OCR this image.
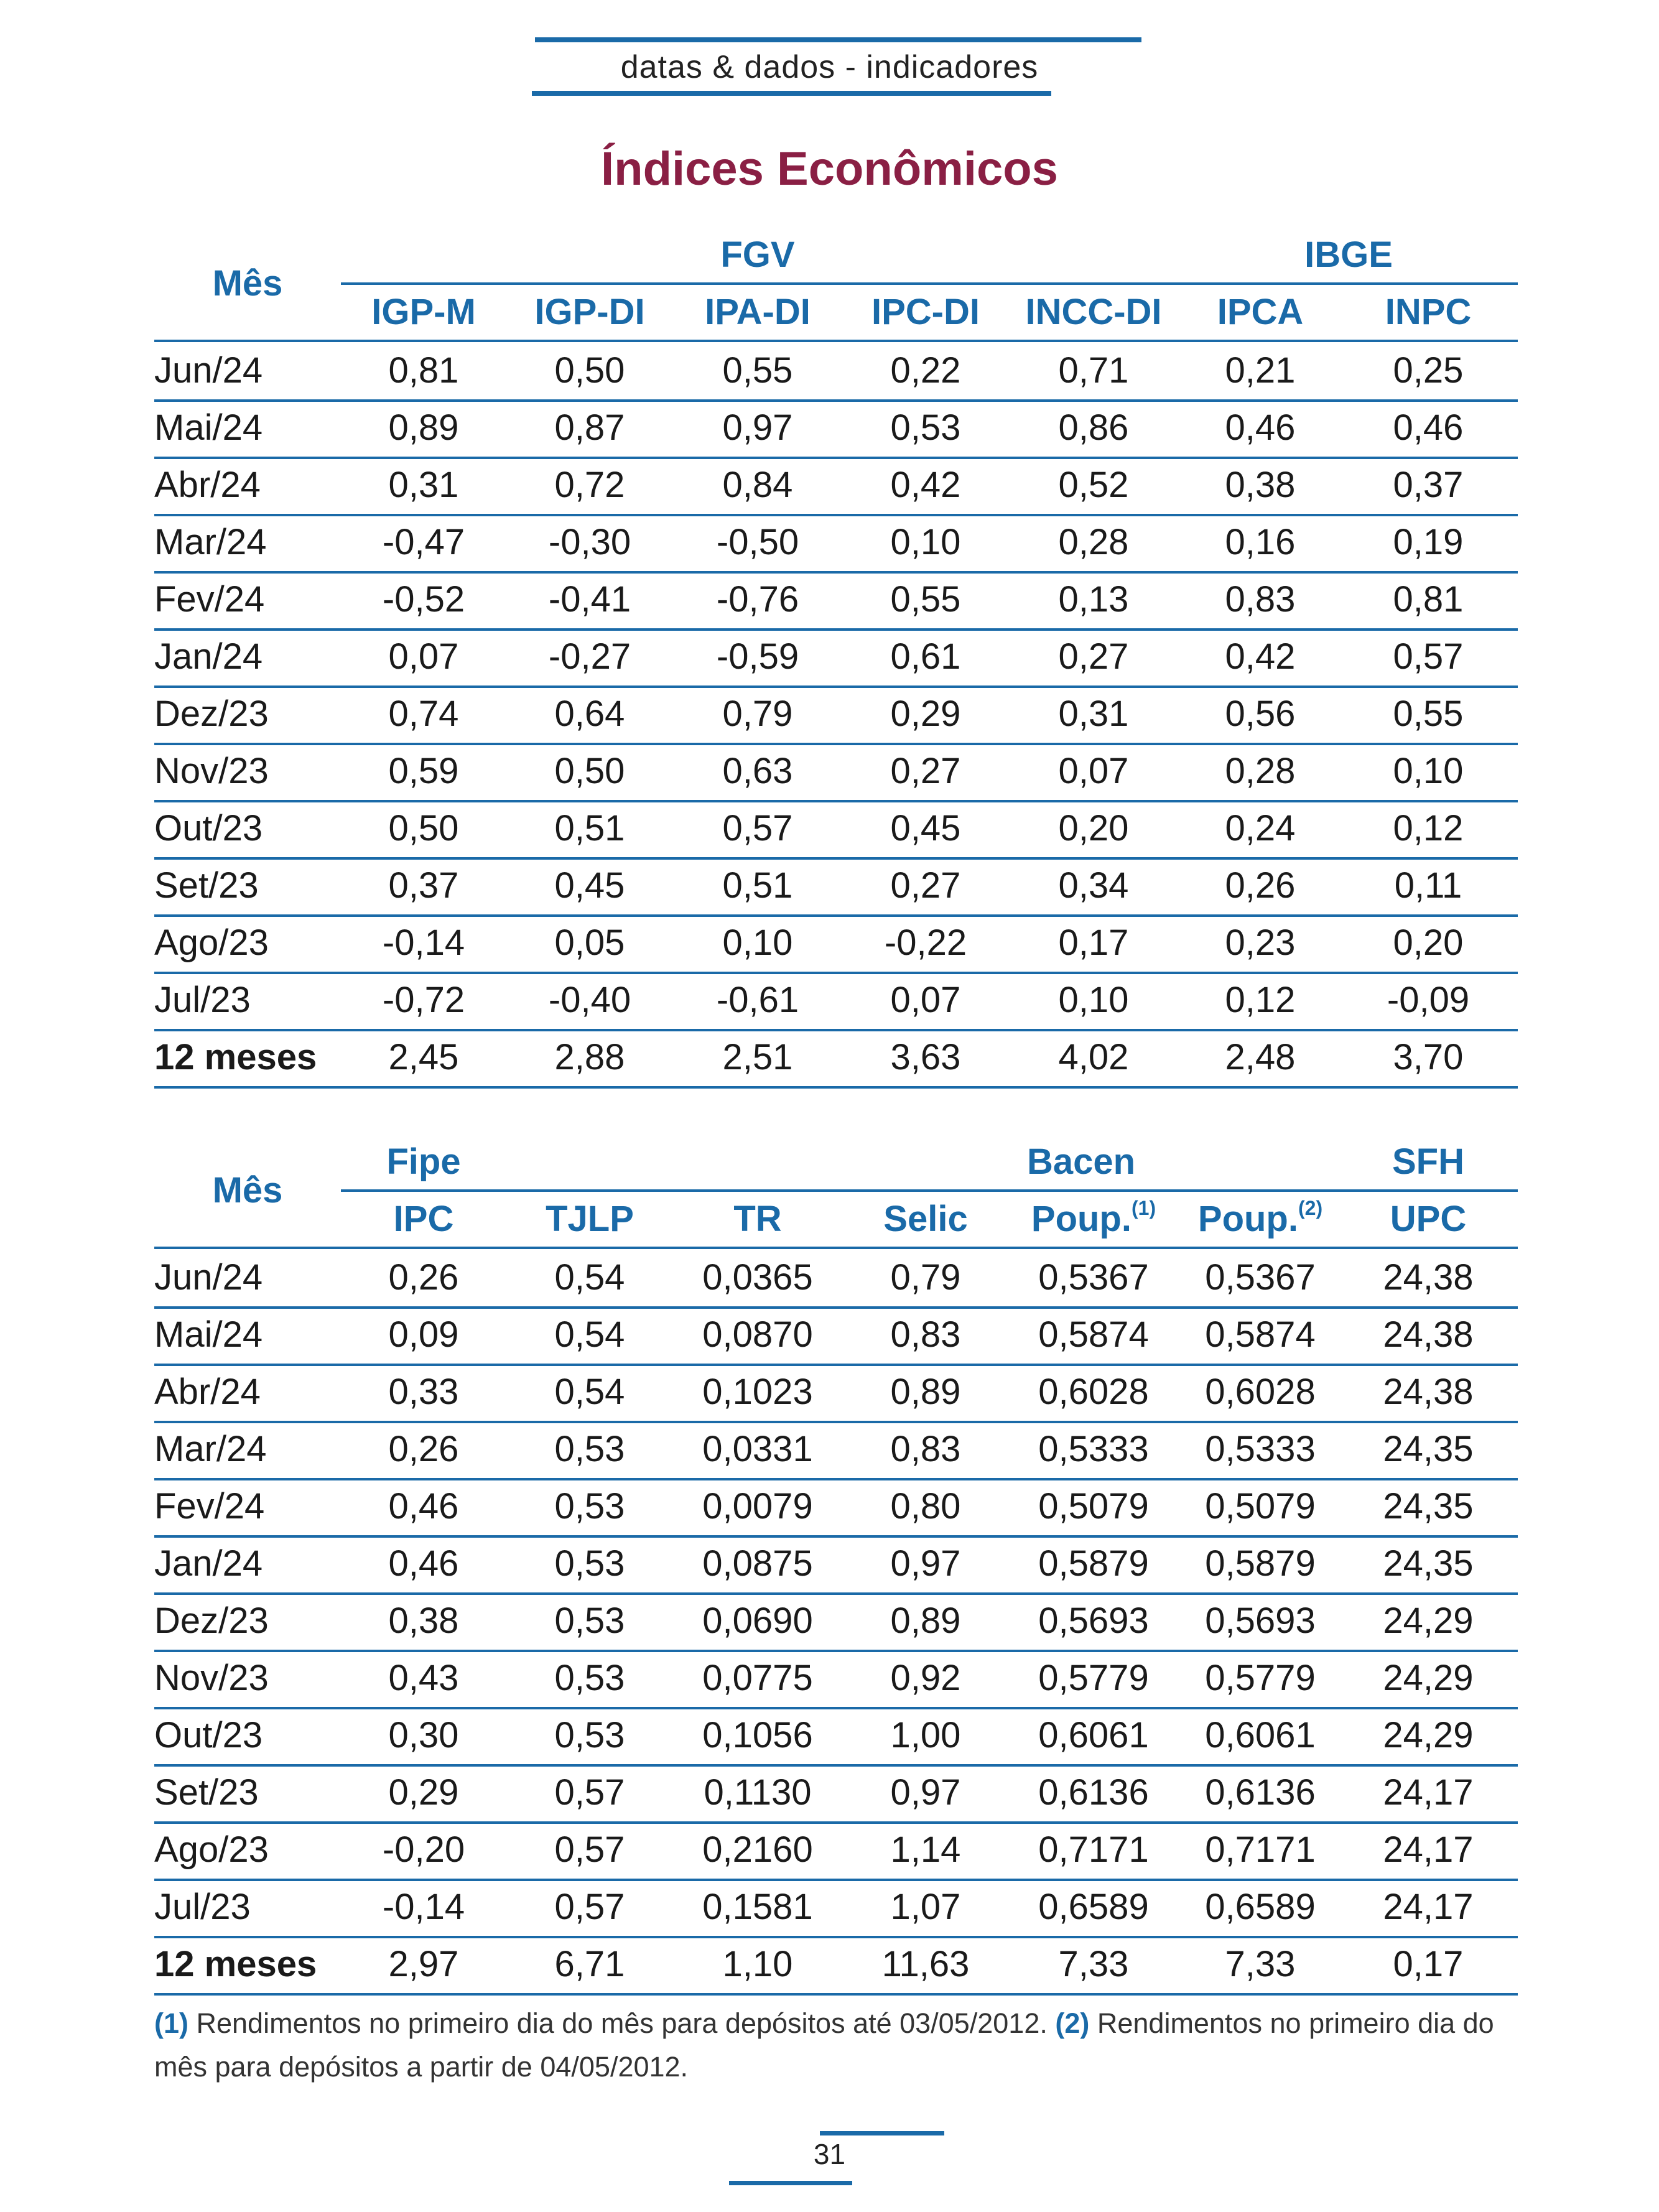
datas & dados - indicadores
Índices Econômicos
Mês
FGV	IBGE
IGP-M	IGP-DI	IPA-DI	IPC-DI	INCC-DI	IPCA	INPC
Jun/24	0,81	0,50	0,55	0,22	0,71	0,21	0,25
Mai/24	0,89	0,87	0,97	0,53	0,86	0,46	0,46
Abr/24	0,31	0,72	0,84	0,42	0,52	0,38	0,37
Mar/24	-0,47	-0,30	-0,50	0,10	0,28	0,16	0,19
Fev/24	-0,52	-0,41	-0,76	0,55	0,13	0,83	0,81
Jan/24	0,07	-0,27	-0,59	0,61	0,27	0,42	0,57
Dez/23	0,74	0,64	0,79	0,29	0,31	0,56	0,55
Nov/23	0,59	0,50	0,63	0,27	0,07	0,28	0,10
Out/23	0,50	0,51	0,57	0,45	0,20	0,24	0,12
Set/23	0,37	0,45	0,51	0,27	0,34	0,26	0,11
Ago/23	-0,14	0,05	0,10	-0,22	0,17	0,23	0,20
Jul/23	-0,72	-0,40	-0,61	0,07	0,10	0,12	-0,09
12 meses	2,45	2,88	2,51	3,63	4,02	2,48	3,70
Mês
Fipe	Bacen	SFH
IPC	TJLP	TR	Selic	Poup.$^{(1)}$	Poup.$^{(2)}$	UPC
Jun/24	0,26	0,54	0,0365	0,79	0,5367	0,5367	24,38
Mai/24	0,09	0,54	0,0870	0,83	0,5874	0,5874	24,38
Abr/24	0,33	0,54	0,1023	0,89	0,6028	0,6028	24,38
Mar/24	0,26	0,53	0,0331	0,83	0,5333	0,5333	24,35
Fev/24	0,46	0,53	0,0079	0,80	0,5079	0,5079	24,35
Jan/24	0,46	0,53	0,0875	0,97	0,5879	0,5879	24,35
Dez/23	0,38	0,53	0,0690	0,89	0,5693	0,5693	24,29
Nov/23	0,43	0,53	0,0775	0,92	0,5779	0,5779	24,29
Out/23	0,30	0,53	0,1056	1,00	0,6061	0,6061	24,29
Set/23	0,29	0,57	0,1130	0,97	0,6136	0,6136	24,17
Ago/23	-0,20	0,57	0,2160	1,14	0,7171	0,7171	24,17
Jul/23	-0,14	0,57	0,1581	1,07	0,6589	0,6589	24,17
12 meses	2,97	6,71	1,10	11,63	7,33	7,33	0,17
(1) Rendimentos no primeiro dia do mês para depósitos até 03/05/2012. (2) Rendimentos no primeiro dia do mês para depósitos a partir de 04/05/2012.
31
